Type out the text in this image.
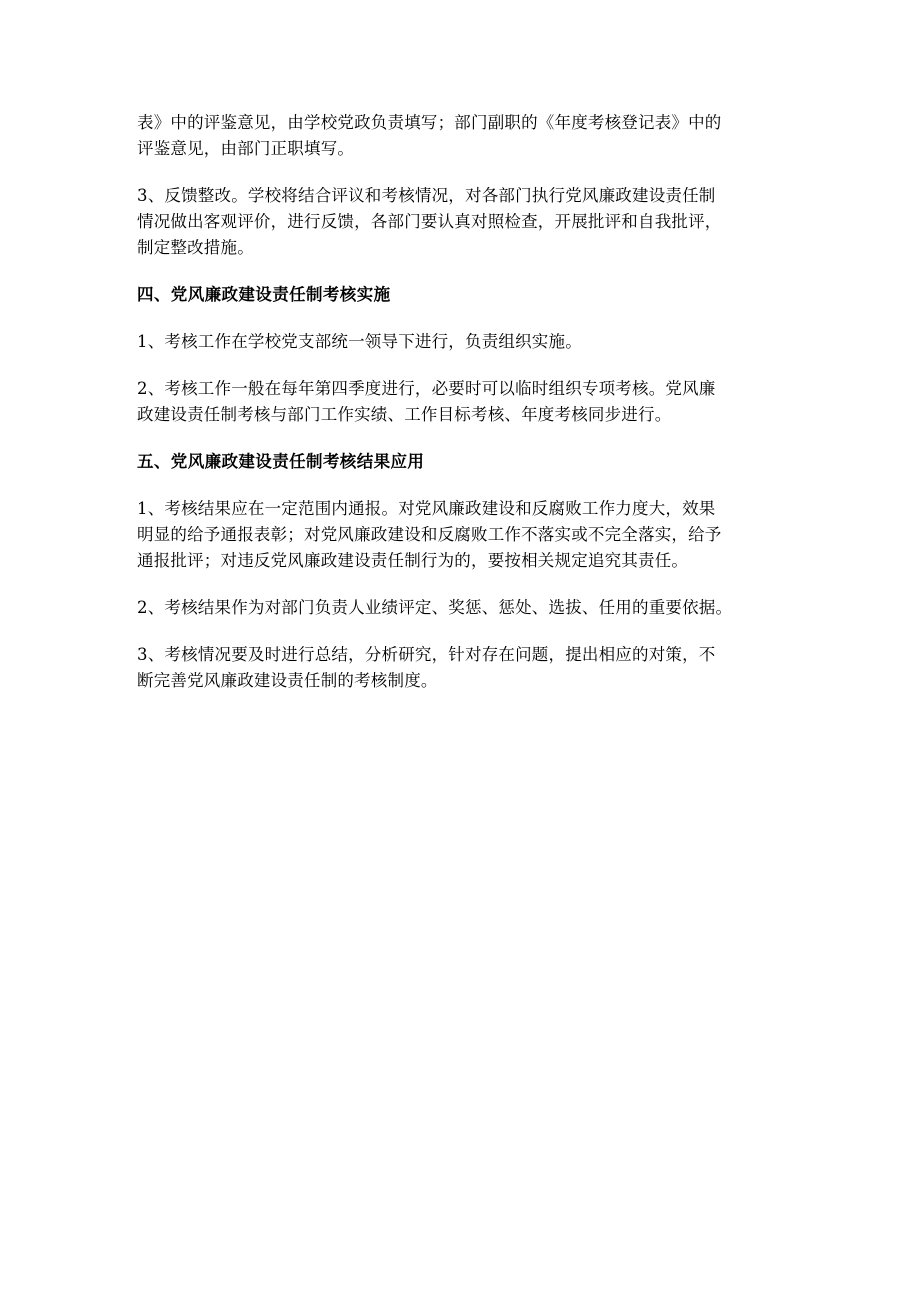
表》中的评鉴意见，由学校党政负责填写；部门副职的《年度考核登记表》中的
评鉴意见，由部门正职填写。

3、反馈整改。学校将结合评议和考核情况，对各部门执行党风廉政建设责任制
情况做出客观评价，进行反馈，各部门要认真对照检查，开展批评和自我批评，
制定整改措施。

四、党风廉政建设责任制考核实施

1、考核工作在学校党支部统一领导下进行，负责组织实施。

2、考核工作一般在每年第四季度进行，必要时可以临时组织专项考核。党风廉
政建设责任制考核与部门工作实绩、工作目标考核、年度考核同步进行。

五、党风廉政建设责任制考核结果应用

1、考核结果应在一定范围内通报。对党风廉政建设和反腐败工作力度大，效果
明显的给予通报表彰；对党风廉政建设和反腐败工作不落实或不完全落实，给予
通报批评；对违反党风廉政建设责任制行为的，要按相关规定追究其责任。

2、考核结果作为对部门负责人业绩评定、奖惩、惩处、选拔、任用的重要依据。

3、考核情况要及时进行总结，分析研究，针对存在问题，提出相应的对策，不
断完善党风廉政建设责任制的考核制度。
